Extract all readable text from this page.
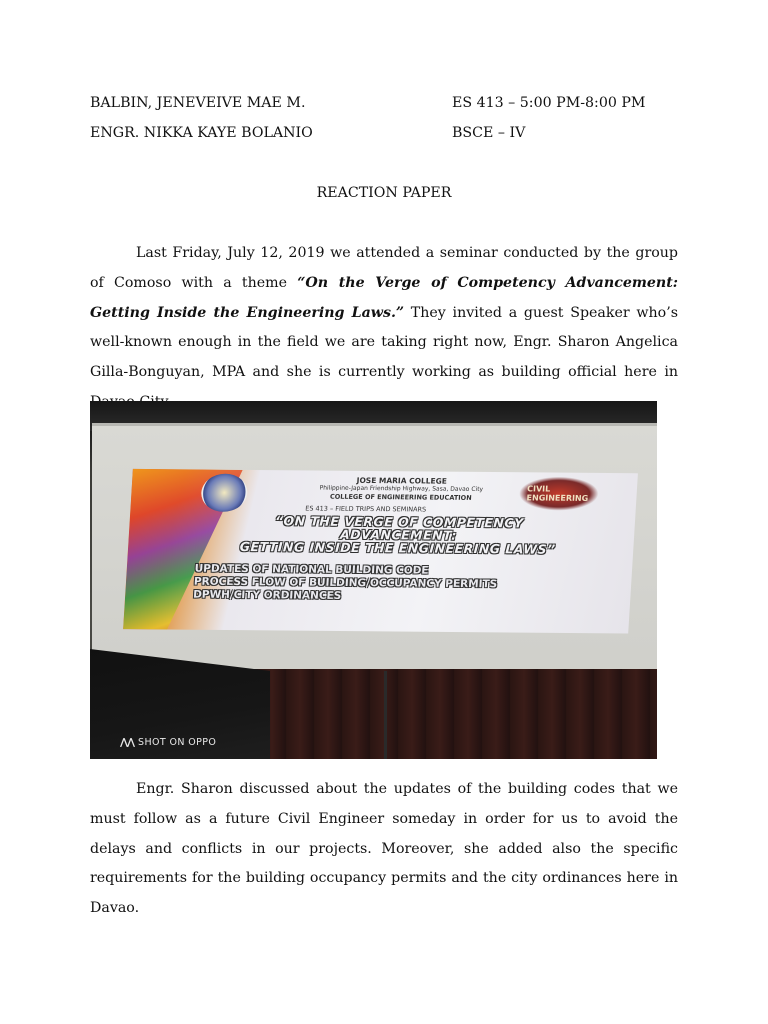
BALBIN, JENEVEIVE MAE M.	ES 413 – 5:00 PM-8:00 PM
ENGR. NIKKA KAYE BOLANIO	BSCE – IV
REACTION PAPER
Last Friday, July 12, 2019 we attended a seminar conducted by the group of Comoso with a theme “On the Verge of Competency Advancement: Getting Inside the Engineering Laws.” They invited a guest Speaker who’s well-known enough in the field we are taking right now, Engr. Sharon Angelica Gilla-Bonguyan, MPA and she is currently working as building official here in
JOSE MARIA COLLEGE
Philippine-Japan Friendship Highway, Sasa, Davao City
COLLEGE OF ENGINEERING EDUCATION
CIVIL ENGINEERING
ES 413 – FIELD TRIPS AND SEMINARS
“ON THE VERGE OF COMPETENCY
ADVANCEMENT:
GETTING INSIDE THE ENGINEERING LAWS”
UPDATES OF NATIONAL BUILDING CODE
PROCESS FLOW OF BUILDING/OCCUPANCY PERMITS
DPWH/CITY ORDINANCES
⋀⋀ SHOT ON OPPO
Engr. Sharon discussed about the updates of the building codes that we must follow as a future Civil Engineer someday in order for us to avoid the delays and conflicts in our projects. Moreover, she added also the specific requirements for the building occupancy permits and the city ordinances here in Davao.
